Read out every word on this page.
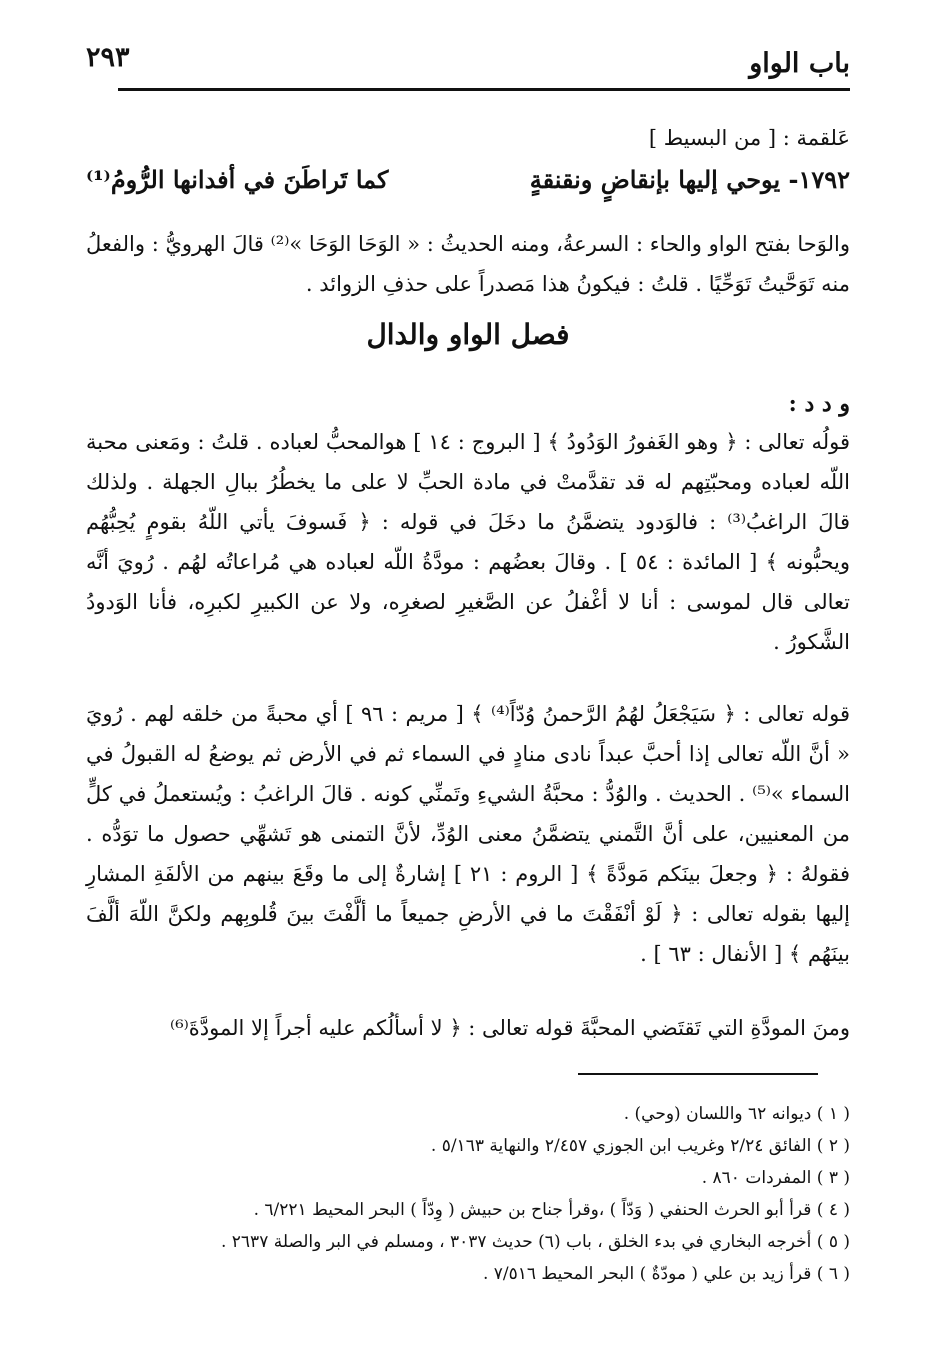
باب الواو
٢٩٣
عَلقمة : [ من البسيط ]
١٧٩٢- يوحي إليها بإنقاضٍ ونقنقةٍ
كما تَراطَنَ في أفدانها الرُّومُ⁽¹⁾
والوَحا بفتح الواو والحاء : السرعةُ، ومنه الحديثُ : « الوَحَا الوَحَا »⁽²⁾ قالَ الهرويُّ : والفعلُ منه تَوَحَّيتُ تَوَحِّيًا . قلتُ : فيكونُ هذا مَصدراً على حذفِ الزوائد .
فصل الواو والدال
و د د :
قولُه تعالى : ﴿ وهو الغَفورُ الوَدُودُ ﴾ [ البروج : ١٤ ] هوالمحبُّ لعباده . قلتُ : ومَعنى محبة اللّه لعباده ومحبّتِهم له قد تقدَّمتْ في مادة الحبِّ لا على ما يخطُرُ ببالِ الجهلة . ولذلك قالَ الراغبُ⁽³⁾ : فالوَدود يتضمَّنُ ما دخَلَ في قوله : ﴿ فَسوفَ يأتي اللّهُ بقومٍ يُحِبُّهُم ويحبُّونه ﴾ [ المائدة : ٥٤ ] . وقالَ بعضُهم : مودَّةُ اللّه لعباده هي مُراعاتُه لهُم . رُويَ أنَّه تعالى قال لموسى : أنا لا أغْفلُ عن الصَّغيرِ لصغرِه، ولا عن الكبيرِ لكبرِه، فأنا الوَدودُ الشَّكورُ .
قوله تعالى : ﴿ سَيَجْعَلُ لهُمُ الرَّحمنُ وُدّاً⁽⁴⁾ ﴾ [ مريم : ٩٦ ] أي محبةً من خلقه لهم . رُويَ « أنَّ اللّه تعالى إذا أحبَّ عبداً نادى منادٍ في السماء ثم في الأرض ثم يوضعُ له القبولُ في السماء »⁽⁵⁾ . الحديث . والوُدُّ : محبَّةُ الشيءِ وتَمنِّي كونه . قالَ الراغبُ : ويُستعملُ في كلٍّ من المعنيين، على أنَّ التَّمني يتضمَّنُ معنى الوُدِّ، لأنَّ التمنى هو تَشهِّي حصول ما توَدُّه . فقولهُ : ﴿ وجعلَ بينَكم مَودَّةً ﴾ [ الروم : ٢١ ] إشارةٌ إلى ما وقَعَ بينهم من الألفَةِ المشارِ إليها بقوله تعالى : ﴿ لَوْ أنْفَقْتَ ما في الأرضِ جميعاً ما ألَّفْتَ بينَ قُلوبِهم ولكنَّ اللّهَ ألَّفَ بينَهُم ﴾ [ الأنفال : ٦٣ ] .
ومنَ المودَّةِ التي تَقتَضي المحبَّةَ قوله تعالى : ﴿ لا أسألُكم عليه أجراً إلا المودَّةَ⁽⁶⁾
( ١ ) ديوانه ٦٢ واللسان (وحي) .
( ٢ ) الفائق ٢/٢٤ وغريب ابن الجوزي ٢/٤٥٧ والنهاية ٥/١٦٣ .
( ٣ ) المفردات ٨٦٠ .
( ٤ ) قرأ أبو الحرث الحنفي ( وَدّاً ) ،وقرأ جناح بن حبيش ( وِدّاً ) البحر المحيط ٦/٢٢١ .
( ٥ ) أخرجه البخاري في بدء الخلق ، باب (٦) حديث ٣٠٣٧ ، ومسلم في البر والصلة ٢٦٣٧ .
( ٦ ) قرأ زيد بن علي ( مودّةٌ ) البحر المحيط ٧/٥١٦ .
